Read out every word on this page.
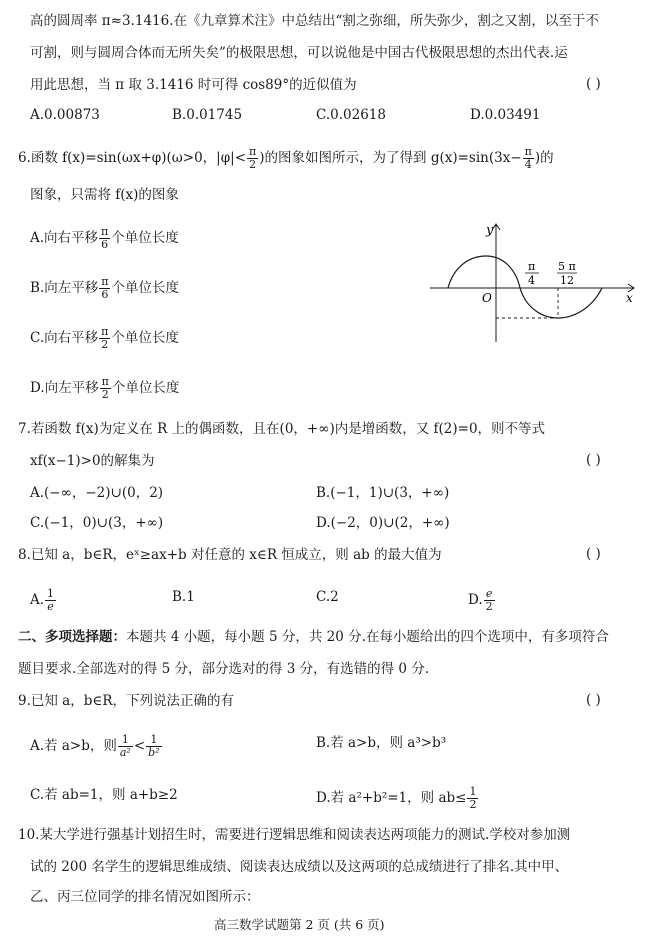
高的圆周率 π≈3.1416.在《九章算术注》中总结出“割之弥细，所失弥少，割之又割，以至于不
可割，则与圆周合体而无所失矣”的极限思想，可以说他是中国古代极限思想的杰出代表.运
用此思想，当 π 取 3.1416 时可得 cos89°的近似值为	( )
A.0.00873	B.0.01745	C.0.02618	D.0.03491
6.函数 f(x)=sin(ωx+φ)(ω>0，$|\varphi|< \frac{\pi}{2}$ )的图象如图所示，为了得到 $g(x)=\sin(3x- \frac{\pi}{4}$ )的
图象，只需将 f(x)的图象
A.向右平移 $\frac{\pi}{6}$ 个单位长度
B.向左平移 $\frac{\pi}{6}$ 个单位长度
C.向右平移 $\frac{\pi}{2}$ 个单位长度
D.向左平移 $\frac{\pi}{2}$ 个单位长度
y
x
O
π
4
5 π
12
7.若函数 f(x)为定义在 R 上的偶函数，且在(0，+∞)内是增函数，又 f(2)=0，则不等式
xf(x−1)>0的解集为	( )
A.(−∞，−2)∪(0，2)	B.(−1，1)∪(3，+∞)
C.(−1，0)∪(3，+∞)	D.(−2，0)∪(2，+∞)
8.已知 a，b∈R，eˣ≥ax+b 对任意的 x∈R 恒成立，则 ab 的最大值为	( )
A. $\frac{1}{e}$	B.1	C.2	D. $\frac{e}{2}$
二、多项选择题：本题共 4 小题，每小题 5 分，共 20 分.在每小题给出的四个选项中，有多项符合
题目要求.全部选对的得 5 分，部分选对的得 3 分，有选错的得 0 分.
9.已知 a，b∈R，下列说法正确的有	( )
A.若 a>b，则 $\frac{1}{\text{a²}} < \frac{1}{\text{b²}}$	B.若 a>b，则 a³>b³
C.若 ab=1，则 a+b≥2	D.若 a²+b²=1，则 $ab\le \frac{1}{2}$
10.某大学进行强基计划招生时，需要进行逻辑思维和阅读表达两项能力的测试.学校对参加测
试的 200 名学生的逻辑思维成绩、阅读表达成绩以及这两项的总成绩进行了排名.其中甲、
乙、丙三位同学的排名情况如图所示：
高三数学试题第 2 页 (共 6 页)
